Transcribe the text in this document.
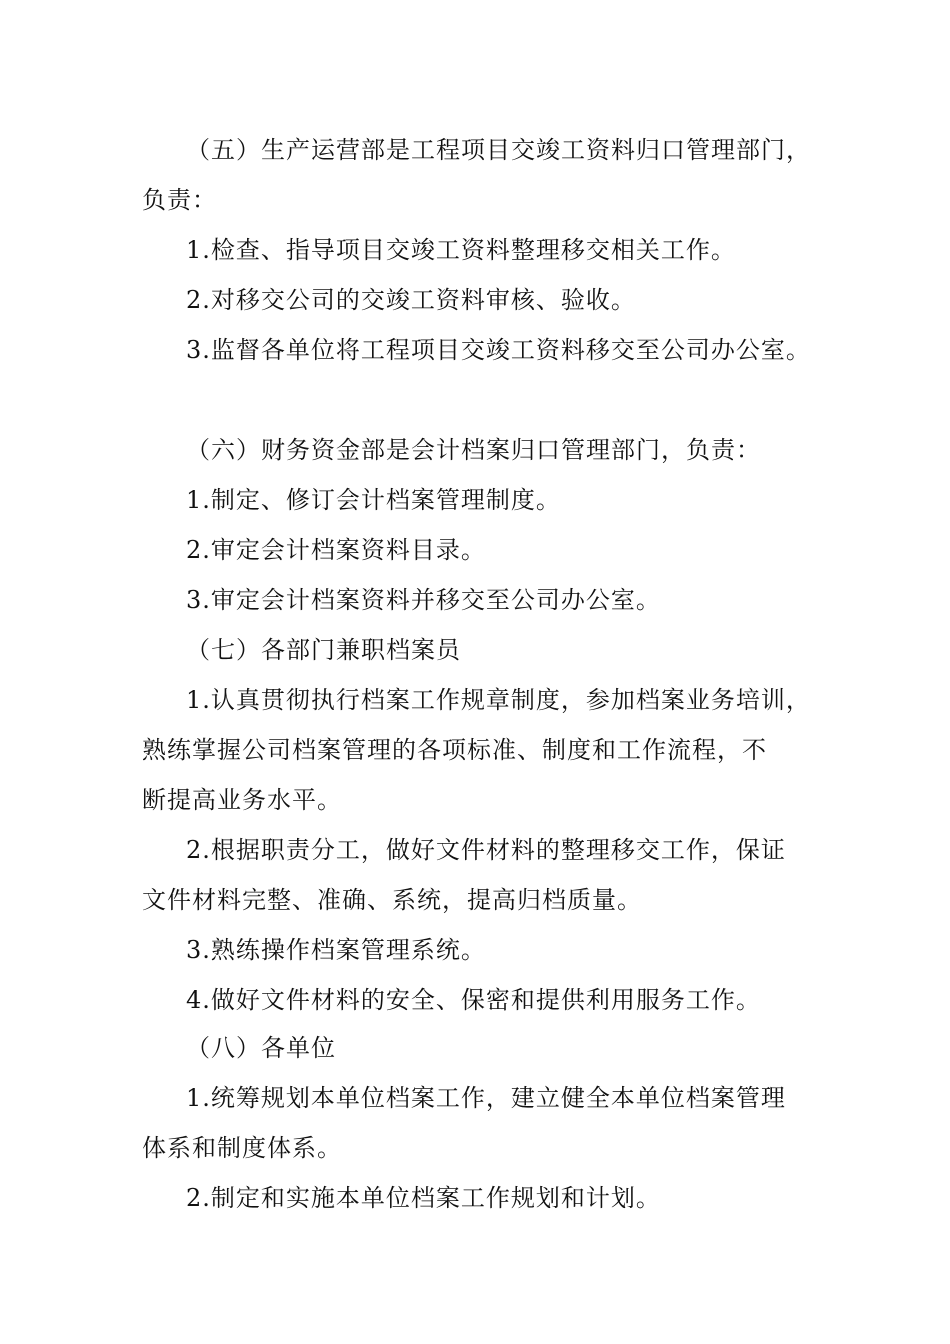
（五）生产运营部是工程项目交竣工资料归口管理部门，

负责：

1.检查、指导项目交竣工资料整理移交相关工作。

2.对移交公司的交竣工资料审核、验收。

3.监督各单位将工程项目交竣工资料移交至公司办公室。

（六）财务资金部是会计档案归口管理部门，负责：

1.制定、修订会计档案管理制度。

2.审定会计档案资料目录。

3.审定会计档案资料并移交至公司办公室。

（七）各部门兼职档案员

1.认真贯彻执行档案工作规章制度，参加档案业务培训，

熟练掌握公司档案管理的各项标准、制度和工作流程，不

断提高业务水平。

2.根据职责分工，做好文件材料的整理移交工作，保证

文件材料完整、准确、系统，提高归档质量。

3.熟练操作档案管理系统。

4.做好文件材料的安全、保密和提供利用服务工作。

（八）各单位

1.统筹规划本单位档案工作，建立健全本单位档案管理

体系和制度体系。

2.制定和实施本单位档案工作规划和计划。
